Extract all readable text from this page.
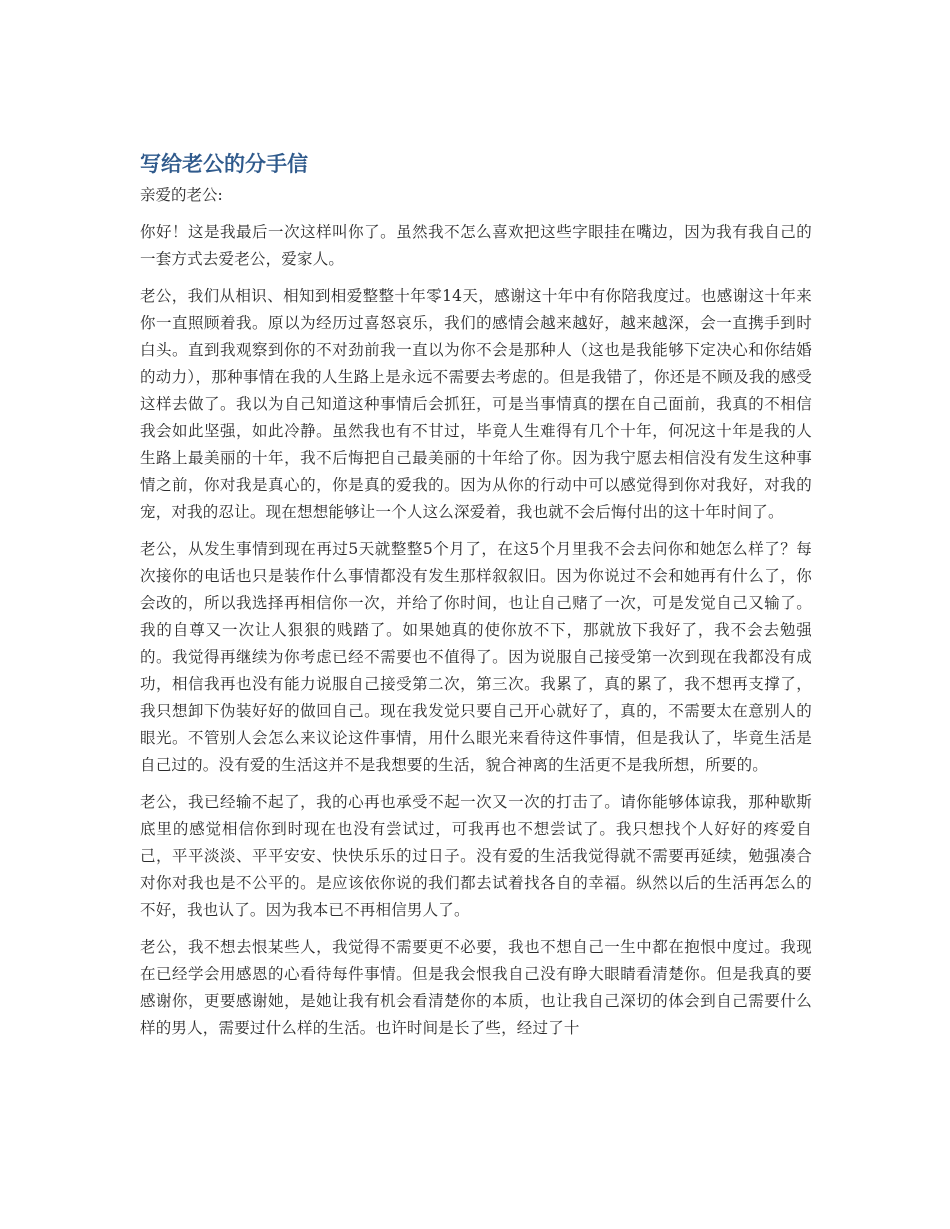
写给老公的分手信
亲爱的老公:

你好！这是我最后一次这样叫你了。虽然我不怎么喜欢把这些字眼挂在嘴边，因为我有我自己的一套方式去爱老公，爱家人。

老公，我们从相识、相知到相爱整整十年零14天，感谢这十年中有你陪我度过。也感谢这十年来你一直照顾着我。原以为经历过喜怒哀乐，我们的感情会越来越好，越来越深，会一直携手到时白头。直到我观察到你的不对劲前我一直以为你不会是那种人（这也是我能够下定决心和你结婚的动力），那种事情在我的人生路上是永远不需要去考虑的。但是我错了，你还是不顾及我的感受这样去做了。我以为自己知道这种事情后会抓狂，可是当事情真的摆在自己面前，我真的不相信我会如此坚强，如此冷静。虽然我也有不甘过，毕竟人生难得有几个十年，何况这十年是我的人生路上最美丽的十年，我不后悔把自己最美丽的十年给了你。因为我宁愿去相信没有发生这种事情之前，你对我是真心的，你是真的爱我的。因为从你的行动中可以感觉得到你对我好，对我的宠，对我的忍让。现在想想能够让一个人这么深爱着，我也就不会后悔付出的这十年时间了。

老公，从发生事情到现在再过5天就整整5个月了，在这5个月里我不会去问你和她怎么样了？每次接你的电话也只是装作什么事情都没有发生那样叙叙旧。因为你说过不会和她再有什么了，你会改的，所以我选择再相信你一次，并给了你时间，也让自己赌了一次，可是发觉自己又输了。我的自尊又一次让人狠狠的贱踏了。如果她真的使你放不下，那就放下我好了，我不会去勉强的。我觉得再继续为你考虑已经不需要也不值得了。因为说服自己接受第一次到现在我都没有成功，相信我再也没有能力说服自己接受第二次，第三次。我累了，真的累了，我不想再支撑了，我只想卸下伪装好好的做回自己。现在我发觉只要自己开心就好了，真的，不需要太在意别人的眼光。不管别人会怎么来议论这件事情，用什么眼光来看待这件事情，但是我认了，毕竟生活是自己过的。没有爱的生活这并不是我想要的生活，貌合神离的生活更不是我所想，所要的。

老公，我已经输不起了，我的心再也承受不起一次又一次的打击了。请你能够体谅我，那种歇斯底里的感觉相信你到时现在也没有尝试过，可我再也不想尝试了。我只想找个人好好的疼爱自己，平平淡淡、平平安安、快快乐乐的过日子。没有爱的生活我觉得就不需要再延续，勉强凑合对你对我也是不公平的。是应该依你说的我们都去试着找各自的幸福。纵然以后的生活再怎么的不好，我也认了。因为我本已不再相信男人了。

老公，我不想去恨某些人，我觉得不需要更不必要，我也不想自己一生中都在抱恨中度过。我现在已经学会用感恩的心看待每件事情。但是我会恨我自己没有睁大眼睛看清楚你。但是我真的要感谢你，更要感谢她，是她让我有机会看清楚你的本质，也让我自己深切的体会到自己需要什么样的男人，需要过什么样的生活。也许时间是长了些，经过了十
